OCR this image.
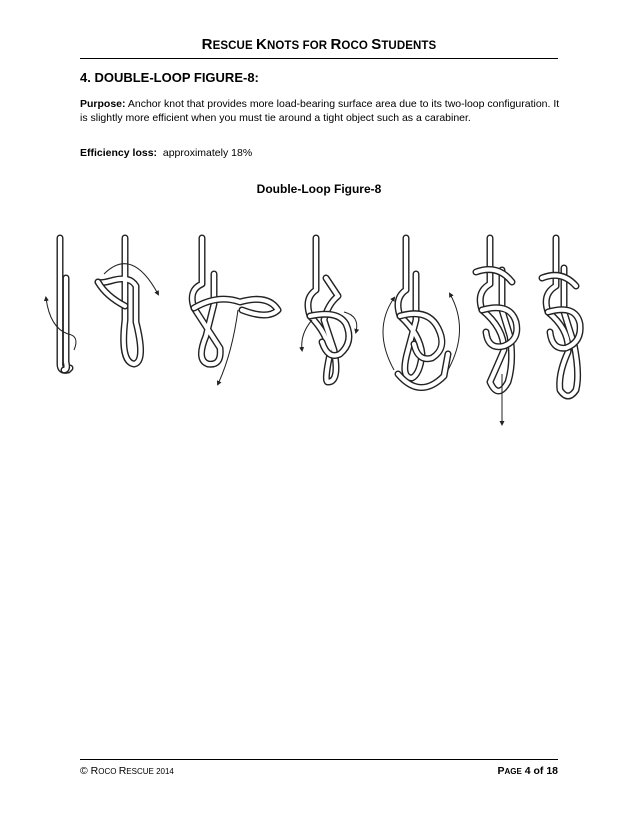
RESCUE KNOTS FOR ROCO STUDENTS
4. DOUBLE-LOOP FIGURE-8:
Purpose: Anchor knot that provides more load-bearing surface area due to its two-loop configuration. It is slightly more efficient when you must tie around a tight object such as a carabiner.
Efficiency loss:  approximately 18%
Double-Loop Figure-8
© ROCO RESCUE 2014	PAGE 4 of 18
